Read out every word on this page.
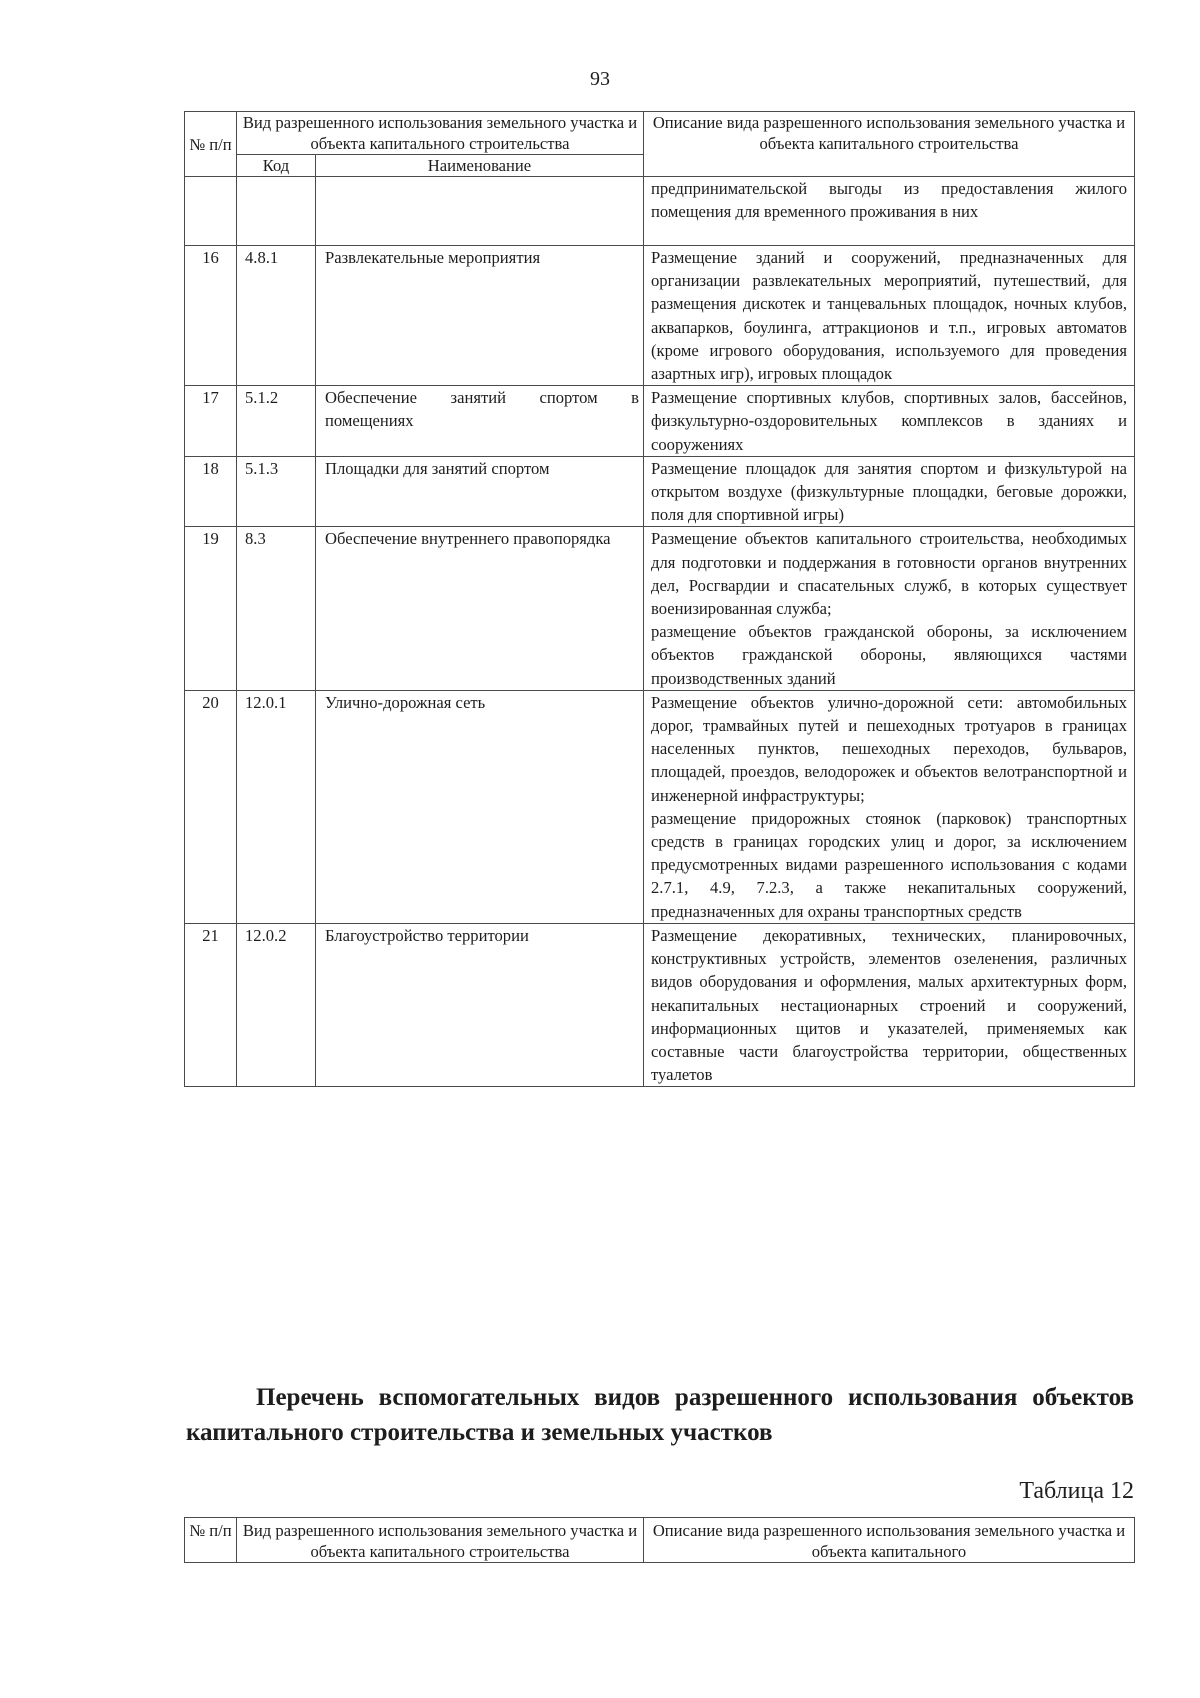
93
№ п/п	Вид разрешенного использования земельного участка и объекта капитального строительства		Описание вида разрешенного использования земельного участка и объекта капитального строительства
	Код	Наименование	
			предпринимательской выгоды из предоставления жилого помещения для временного проживания в них
16	4.8.1	Развлекательные мероприятия	Размещение зданий и сооружений, предназначенных для организации развлекательных мероприятий, путешествий, для размещения дискотек и танцевальных площадок, ночных клубов, аквапарков, боулинга, аттракционов и т.п., игровых автоматов (кроме игрового оборудования, используемого для проведения азартных игр), игровых площадок

17	5.1.2	Обеспечение занятий спортом в помещениях	Размещение спортивных клубов, спортивных залов, бассейнов, физкультурно-оздоровительных комплексов в зданиях и сооружениях

18	5.1.3	Площадки для занятий спортом	Размещение площадок для занятия спортом и физкультурой на открытом воздухе (физкультурные площадки, беговые дорожки, поля для спортивной игры)

19	8.3	Обеспечение внутреннего правопорядка	Размещение объектов капитального строительства, необходимых для подготовки и поддержания в готовности органов внутренних дел, Росгвардии и спасательных служб, в которых существует военизированная служба;

размещение объектов гражданской обороны, за исключением объектов гражданской обороны, являющихся частями производственных зданий

20	12.0.1	Улично-дорожная сеть	Размещение объектов улично-дорожной сети: автомобильных дорог, трамвайных путей и пешеходных тротуаров в границах населенных пунктов, пешеходных переходов, бульваров, площадей, проездов, велодорожек и объектов велотранспортной и инженерной инфраструктуры;

размещение придорожных стоянок (парковок) транспортных средств в границах городских улиц и дорог, за исключением предусмотренных видами разрешенного использования с кодами 2.7.1, 4.9, 7.2.3, а также некапитальных сооружений, предназначенных для охраны транспортных средств

21	12.0.2	Благоустройство территории	Размещение декоративных, технических, планировочных, конструктивных устройств, элементов озеленения, различных видов оборудования и оформления, малых архитектурных форм, некапитальных нестационарных строений и сооружений, информационных щитов и указателей, применяемых как составные части благоустройства территории, общественных туалетов

Перечень вспомогательных видов разрешенного использования объектов капитального строительства и земельных участков
Таблица 12
№ п/п	Вид разрешенного использования земельного участка и объекта капитального строительства	Описание вида разрешенного использования земельного участка и объекта капитального
